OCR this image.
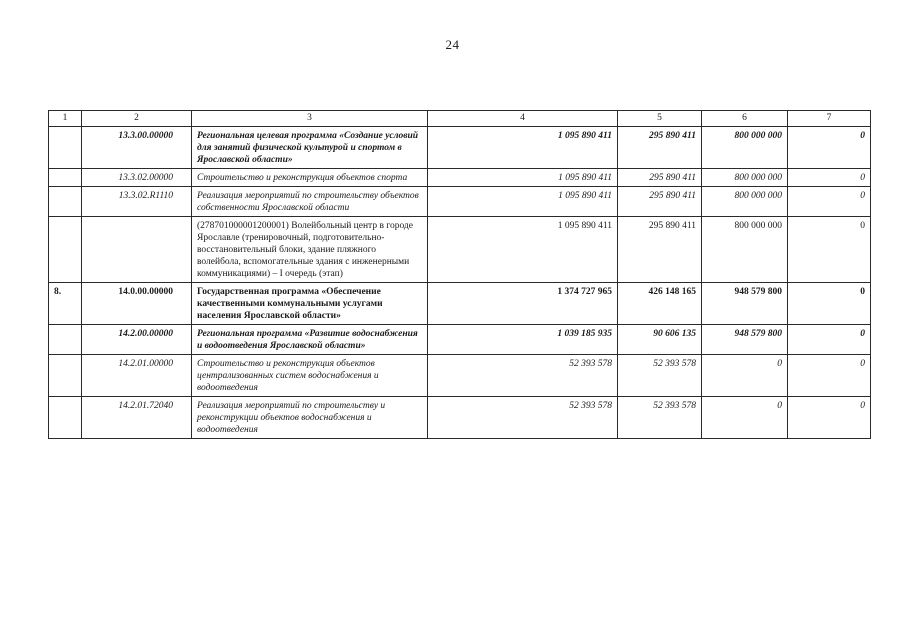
24
1	2	3	4	5	6	7
	13.3.00.00000	Региональная целевая программа «Создание условий для занятий физической культурой и спортом в Ярославской области»	1 095 890 411	295 890 411	800 000 000	0
	13.3.02.00000	Строительство и реконструкция объектов спорта	1 095 890 411	295 890 411	800 000 000	0
	13.3.02.R1110	Реализация мероприятий по строительству объектов собственности Ярославской области	1 095 890 411	295 890 411	800 000 000	0
		(278701000001200001) Волейбольный центр в городе Ярославле (тренировочный, подготовительно-восстановительный блоки, здание пляжного волейбола, вспомогательные здания с инженерными коммуникациями) – I очередь (этап)	1 095 890 411	295 890 411	800 000 000	0
8.	14.0.00.00000	Государственная программа «Обеспечение качественными коммунальными услугами населения Ярославской области»	1 374 727 965	426 148 165	948 579 800	0
	14.2.00.00000	Региональная программа «Развитие водоснабжения и водоотведения Ярославской области»	1 039 185 935	90 606 135	948 579 800	0
	14.2.01.00000	Строительство и реконструкция объектов централизованных систем водоснабжения и водоотведения	52 393 578	52 393 578	0	0
	14.2.01.72040	Реализация мероприятий по строительству и реконструкции объектов водоснабжения и водоотведения	52 393 578	52 393 578	0	0
